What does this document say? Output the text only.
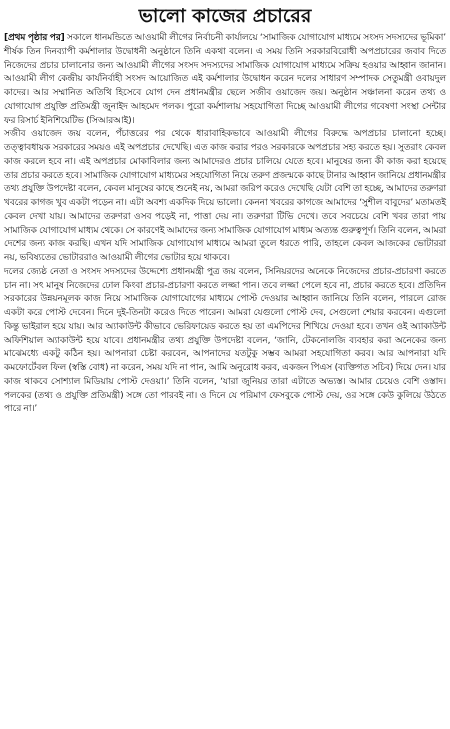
ভালো কাজের প্রচারের

[প্রথম পৃষ্ঠার পর] সকালে ধানমন্ডিতে আওয়ামী লীগের নির্বাচনী কার্যালয়ে ‘সামাজিক যোগাযোগ মাধ্যমে সংসদ সদস্যদের ভূমিকা’ শীর্ষক তিন দিনব্যাপী কর্মশালার উদ্বোধনী অনুষ্ঠানে তিনি একথা বলেন। এ সময় তিনি সরকারবিরোধী অপপ্রচারের জবাব দিতে নিজেদের প্রচার চালানোর জন্য আওয়ামী লীগের সংসদ সদস্যদের সামাজিক যোগাযোগ মাধ্যমে সক্রিয় হওয়ার আহ্বান জানান। আওয়ামী লীগ কেন্দ্রীয় কার্যনির্বাহী সংসদ আয়োজিত এই কর্মশালার উদ্বোধন করেন দলের সাধারণ সম্পাদক সেতুমন্ত্রী ওবায়দুল কাদের। আর সম্মানিত অতিথি হিসেবে যোগ দেন প্রধানমন্ত্রীর ছেলে সজীব ওয়াজেদ জয়। অনুষ্ঠান সঞ্চালনা করেন তথ্য ও যোগাযোগ প্রযুক্তি প্রতিমন্ত্রী জুনাইদ আহমেদ পলক। পুরো কর্মশালায় সহযোগিতা দিচ্ছে আওয়ামী লীগের গবেষণা সংস্থা সেন্টার ফর রিসার্চ ইনিশিয়েটিভ (সিআরআই)।

সজীব ওয়াজেদ জয় বলেন, পঁচাত্তরের পর থেকে ধারাবাহিকভাবে আওয়ামী লীগের বিরুদ্ধে অপপ্রচার চালানো হচ্ছে। তত্ত্বাবধায়ক সরকারের সময়ও এই অপপ্রচার দেখেছি। এত কাজ করার পরও সরকারকে অপপ্রচার সহ্য করতে হয়। সুতরাং কেবল কাজ করলে হবে না। এই অপপ্রচার মোকাবিলার জন্য আমাদেরও প্রচার চালিয়ে যেতে হবে। মানুষের জন্য কী কাজ করা হয়েছে তার প্রচার করতে হবে। সামাজিক যোগাযোগ মাধ্যমের সহযোগিতা নিয়ে তরুণ প্রজন্মকে কাছে টানার আহ্বান জানিয়ে প্রধানমন্ত্রীর তথ্য প্রযুক্তি উপদেষ্টা বলেন, কেবল মানুষের কাছে শুনেই নয়, আমরা জরিপ করেও দেখেছি যেটা বেশি তা হচ্ছে, আমাদের তরুণরা খবরের কাগজ খুব একটা পড়েন না। এটা অবশ্য একদিক দিয়ে ভালো। কেননা খবরের কাগজে আমাদের ‘সুশীল বাবুদের’ মতামতই কেবল দেখা যায়। আমাদের তরুণরা ওসব পড়েই না, পাত্তা দেয় না। তরুণরা টিভি দেখে। তবে সবচেয়ে বেশি খবর তারা পায় সামাজিক যোগাযোগ মাধ্যম থেকে। সে কারণেই আমাদের জন্য সামাজিক যোগাযোগ মাধ্যম অত্যন্ত গুরুত্বপূর্ণ। তিনি বলেন, আমরা দেশের জন্য কাজ করছি। এখন যদি সামাজিক যোগাযোগ মাধ্যমে আমরা তুলে ধরতে পারি, তাহলে কেবল আজকের ভোটাররা নয়, ভবিষ্যতের ভোটাররাও আওয়ামী লীগের ভোটার হয়ে থাকবে।

দলের জ্যেষ্ঠ নেতা ও সংসদ সদস্যদের উদ্দেশ্যে প্রধানমন্ত্রী পুত্র জয় বলেন, সিনিয়রদের অনেকে নিজেদের প্রচার-প্রচারণা করতে চান না। সৎ মানুষ নিজেদের ঢোল কিংবা প্রচার-প্রচারণা করতে লজ্জা পান। তবে লজ্জা পেলে হবে না, প্রচার করতে হবে। প্রতিদিন সরকারের উন্নয়নমূলক কাজ নিয়ে সামাজিক যোগাযোগের মাধ্যমে পোস্ট দেওয়ার আহ্বান জানিয়ে তিনি বলেন, পারলে রোজ একটা করে পোস্ট দেবেন। দিনে দুই-তিনটা করেও দিতে পারেন। আমরা যেগুলো পোস্ট দেব, সেগুলো শেয়ার করবেন। এগুলো কিন্তু ভাইরাল হয়ে যায়। আর অ্যাকাউন্ট কীভাবে ভেরিফায়েড করতে হয় তা এমপিদের শিখিয়ে দেওয়া হবে। তখন ওই অ্যাকাউন্ট অফিশিয়াল অ্যাকাউন্ট হয়ে যাবে। প্রধানমন্ত্রীর তথ্য প্রযুক্তি উপদেষ্টা বলেন, ‘জানি, টেকনোলজি ব্যবহার করা অনেকের জন্য মাঝেমধ্যে একটু কঠিন হয়। আপনারা চেষ্টা করবেন, আপনাদের যতটুকু সম্ভব আমরা সহযোগিতা করব। আর আপনারা যদি কমফোর্টেবল ফিল (স্বস্তি বোধ) না করেন, সময় যদি না পান, আমি অনুরোধ করব, একজন পিএস (ব্যক্তিগত সচিব) দিয়ে দেন। যার কাজ থাকবে সোশ্যাল মিডিয়ায় পোস্ট দেওয়া।’ তিনি বলেন, ‘যারা জুনিয়র তারা এটাতে অভ্যস্ত। আমার চেয়েও বেশি ওস্তাদ। পলকের (তথ্য ও প্রযুক্তি প্রতিমন্ত্রী) সঙ্গে তো পারবই না। ও দিনে যে পরিমাণ ফেসবুকে পোস্ট দেয়, ওর সঙ্গে কেউ কুলিয়ে উঠতে পারে না।’
